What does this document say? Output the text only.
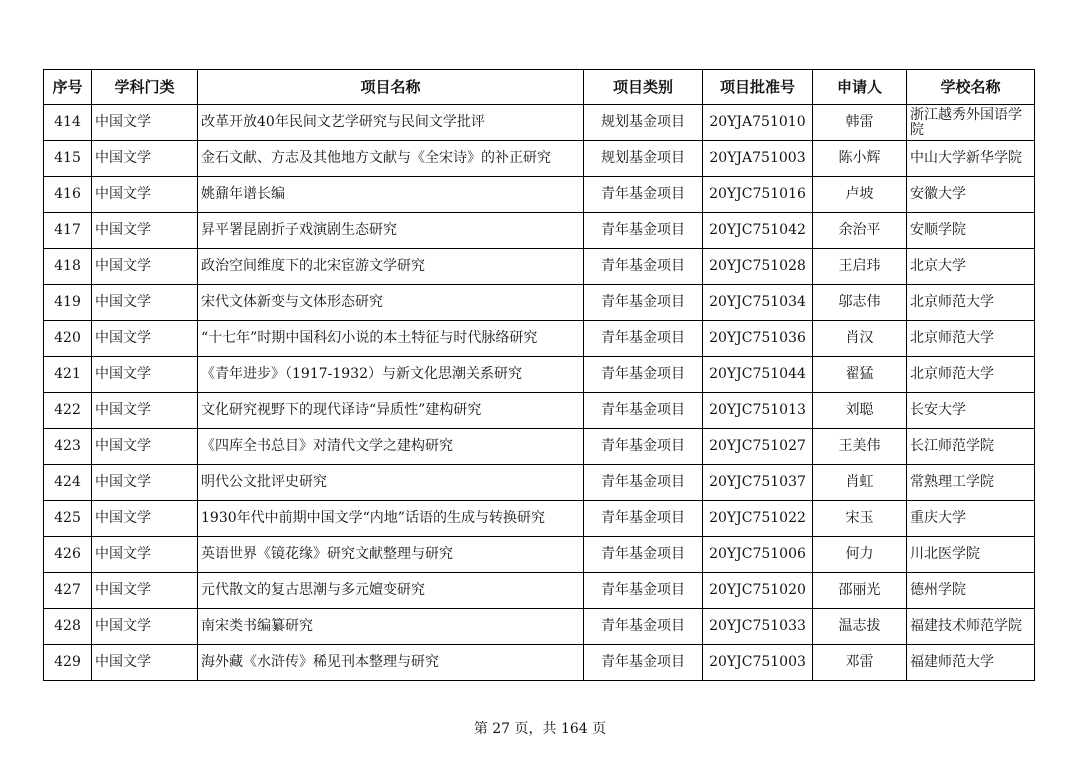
序号	学科门类	项目名称	项目类别	项目批准号	申请人	学校名称
414	中国文学	改革开放40年民间文艺学研究与民间文学批评	规划基金项目	20YJA751010	韩雷	浙江越秀外国语学院
415	中国文学	金石文献、方志及其他地方文献与《全宋诗》的补正研究	规划基金项目	20YJA751003	陈小辉	中山大学新华学院
416	中国文学	姚鼐年谱长编	青年基金项目	20YJC751016	卢坡	安徽大学
417	中国文学	昇平署昆剧折子戏演剧生态研究	青年基金项目	20YJC751042	余治平	安顺学院
418	中国文学	政治空间维度下的北宋宦游文学研究	青年基金项目	20YJC751028	王启玮	北京大学
419	中国文学	宋代文体新变与文体形态研究	青年基金项目	20YJC751034	邬志伟	北京师范大学
420	中国文学	“十七年”时期中国科幻小说的本土特征与时代脉络研究	青年基金项目	20YJC751036	肖汉	北京师范大学
421	中国文学	《青年进步》（1917-1932）与新文化思潮关系研究	青年基金项目	20YJC751044	翟猛	北京师范大学
422	中国文学	文化研究视野下的现代译诗“异质性”建构研究	青年基金项目	20YJC751013	刘聪	长安大学
423	中国文学	《四库全书总目》对清代文学之建构研究	青年基金项目	20YJC751027	王美伟	长江师范学院
424	中国文学	明代公文批评史研究	青年基金项目	20YJC751037	肖虹	常熟理工学院
425	中国文学	1930年代中前期中国文学“内地”话语的生成与转换研究	青年基金项目	20YJC751022	宋玉	重庆大学
426	中国文学	英语世界《镜花缘》研究文献整理与研究	青年基金项目	20YJC751006	何力	川北医学院
427	中国文学	元代散文的复古思潮与多元嬗变研究	青年基金项目	20YJC751020	邵丽光	德州学院
428	中国文学	南宋类书编纂研究	青年基金项目	20YJC751033	温志拔	福建技术师范学院
429	中国文学	海外藏《水浒传》稀见刊本整理与研究	青年基金项目	20YJC751003	邓雷	福建师范大学
第 27 页，共 164 页
